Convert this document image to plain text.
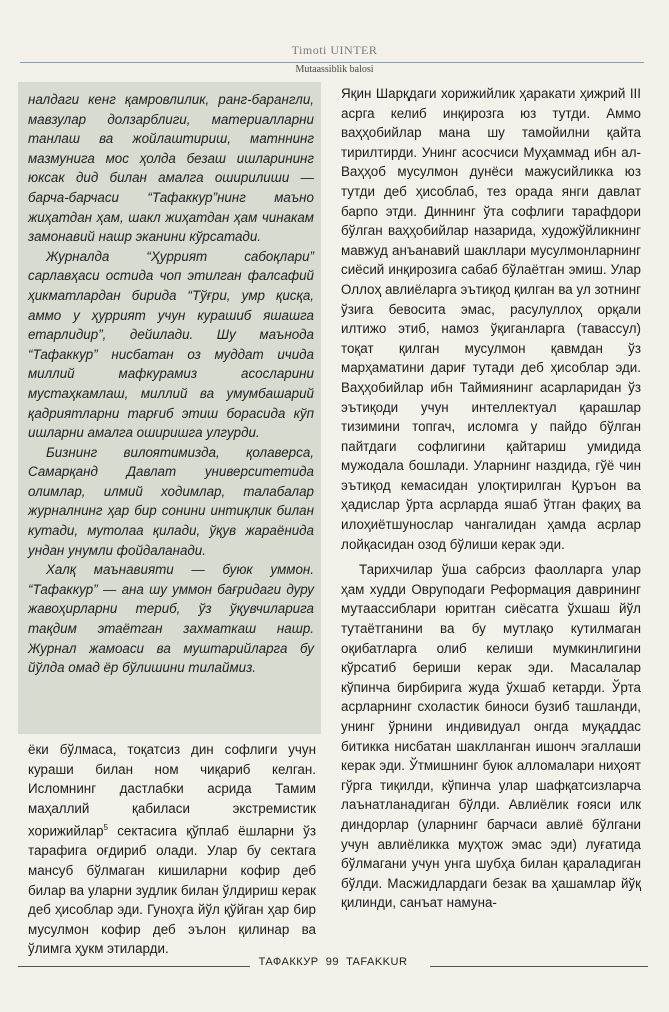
Timoti UINTER
Mutaassiblik balosi

налдаги кенг қамровлилик, ранг-барангли, мавзулар долзарблиги, материалларни танлаш ва жойлаштириш, матннинг мазмунига мос ҳолда безаш ишларининг юксак дид билан амалга оширилиши — барча-барчаси “Тафаккур”нинг маъно жиҳатдан ҳам, шакл жиҳатдан ҳам чинакам замонавий нашр эканини кўрсатади.

Журналда “Ҳуррият сабоқлари” сарлавҳаси остида чоп этилган фалсафий ҳикматлардан бирида “Тўғри, умр қисқа, аммо у ҳуррият учун курашиб яшашга етарлидир”, дейилади. Шу маънода “Тафаккур” нисбатан оз муддат ичида миллий мафкурамиз асосларини мустаҳкамлаш, миллий ва умумбашарий қадриятларни тарғиб этиш борасида кўп ишларни амалга оширишга улгурди.

Бизнинг вилоятимизда, қолаверса, Самарқанд Давлат университетида олимлар, илмий ходимлар, талабалар журналнинг ҳар бир сонини интиқлик билан кутади, мутолаа қилади, ўқув жараёнида ундан унумли фойдаланади.

Халқ маънавияти — буюк уммон. “Тафаккур” — ана шу уммон бағридаги дуру жавоҳирларни териб, ўз ўқувчиларига тақдим этаётган захматкаш нашр. Журнал жамоаси ва муштарийларга бу йўлда омад ёр бўлишини тилаймиз.

ёки бўлмаса, тоқатсиз дин софлиги учун кураши билан ном чиқариб келган. Исломнинг дастлабки асрида Тамим маҳаллий қабиласи экстремистик хорижийлар$^5$ сектасига қўплаб ёшларни ўз тарафига оғдириб олади. Улар бу сектага мансуб бўлмаган кишиларни кофир деб билар ва уларни зудлик билан ўлдириш керак деб ҳисоблар эди. Гуноҳга йўл қўйган ҳар бир мусулмон кофир деб эълон қилинар ва ўлимга ҳукм этиларди.

Яқин Шарқдаги хорижийлик ҳаракати ҳижрий III асрга келиб инқирозга юз тутди. Аммо ваҳҳобийлар мана шу тамойилни қайта тирилтирди. Унинг асосчиси Муҳаммад ибн ал-Ваҳҳоб мусулмон дунёси мажусийликка юз тутди деб ҳисоблаб, тез орада янги давлат барпо этди. Диннинг ўта софлиги тарафдори бўлган ваҳҳобийлар назарида, художўйликнинг мавжуд анъанавий шакллари мусулмонларнинг сиёсий инқирозига сабаб бўлаётган эмиш. Улар Оллоҳ авлиёларга эътиқод қилган ва ул зотнинг ўзига бевосита эмас, расулуллоҳ орқали илтижо этиб, намоз ўқиганларга (тавассул) тоқат қилган мусулмон қавмдан ўз марҳаматини дариғ тутади деб ҳисоблар эди. Ваҳҳобийлар ибн Таймиянинг асарларидан ўз эътиқоди учун интеллектуал қарашлар тизимини топгач, исломга у пайдо бўлган пайтдаги софлигини қайтариш умидида мужодала бошлади. Уларнинг наздида, гўё чин эътиқод кемасидан улоқтирилган Қуръон ва ҳадислар ўрта асрларда яшаб ўтган фақиҳ ва илоҳиётшунослар чангалидан ҳамда асрлар лойқасидан озод бўлиши керак эди.

Тарихчилар ўша сабрсиз фаолларга улар ҳам худди Овруподаги Реформация даврининг мутаассиблари юритган сиёсатга ўхшаш йўл тутаётганини ва бу мутлақо кутилмаган оқибатларга олиб келиши мумкинлигини кўрсатиб бериши керак эди. Масалалар кўпинча бирбирига жуда ўхшаб кетарди. Ўрта асрларнинг схоластик биноси бузиб ташланди, унинг ўрнини индивидуал онгда муқаддас битикка нисбатан шаклланган ишонч эгаллаши керак эди. Ўтмишнинг буюк алломалари ниҳоят гўрга тиқилди, кўпинча улар шафқатсизларча лаънатланадиган бўлди. Авлиёлик ғояси илк диндорлар (уларнинг барчаси авлиё бўлгани учун авлиёликка муҳтож эмас эди) луғатида бўлмагани учун унга шубҳа билан қараладиган бўлди. Масжидлардаги безак ва ҳашамлар йўқ қилинди, санъат намуна-

ТАФАККУР 99 TAFAKKUR
